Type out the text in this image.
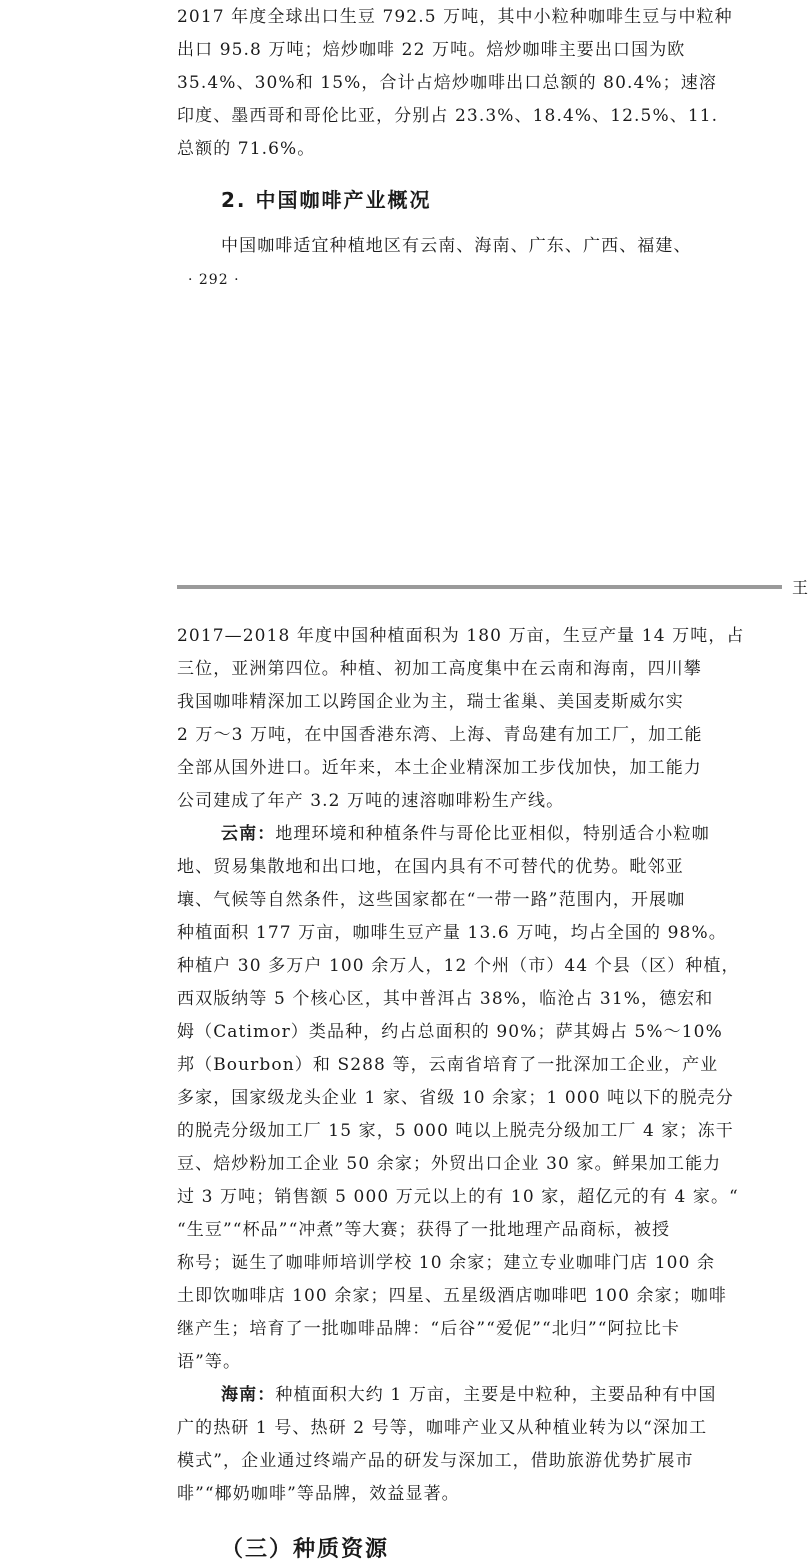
2017 年度全球出口生豆 792.5 万吨，其中小粒种咖啡生豆与中粒种
出口 95.8 万吨；焙炒咖啡 22 万吨。焙炒咖啡主要出口国为欧
35.4%、30%和 15%，合计占焙炒咖啡出口总额的 80.4%；速溶
印度、墨西哥和哥伦比亚，分别占 23.3%、18.4%、12.5%、11.
总额的 71.6%。
2. 中国咖啡产业概况
中国咖啡适宜种植地区有云南、海南、广东、广西、福建、
· 292 ·
王
2017—2018 年度中国种植面积为 180 万亩，生豆产量 14 万吨，占
三位，亚洲第四位。种植、初加工高度集中在云南和海南，四川攀
我国咖啡精深加工以跨国企业为主，瑞士雀巢、美国麦斯威尔实
2 万～3 万吨，在中国香港东湾、上海、青岛建有加工厂，加工能
全部从国外进口。近年来，本土企业精深加工步伐加快，加工能力
公司建成了年产 3.2 万吨的速溶咖啡粉生产线。
云南：地理环境和种植条件与哥伦比亚相似，特别适合小粒咖
地、贸易集散地和出口地，在国内具有不可替代的优势。毗邻亚
壤、气候等自然条件，这些国家都在“一带一路”范围内，开展咖
种植面积 177 万亩，咖啡生豆产量 13.6 万吨，均占全国的 98%。
种植户 30 多万户 100 余万人，12 个州（市）44 个县（区）种植，
西双版纳等 5 个核心区，其中普洱占 38%，临沧占 31%，德宏和
姆（Catimor）类品种，约占总面积的 90%；萨其姆占 5%～10%
邦（Bourbon）和 S288 等，云南省培育了一批深加工企业，产业
多家，国家级龙头企业 1 家、省级 10 余家；1 000 吨以下的脱壳分
的脱壳分级加工厂 15 家，5 000 吨以上脱壳分级加工厂 4 家；冻干
豆、焙炒粉加工企业 50 余家；外贸出口企业 30 家。鲜果加工能力
过 3 万吨；销售额 5 000 万元以上的有 10 家，超亿元的有 4 家。“
“生豆”“杯品”“冲煮”等大赛；获得了一批地理产品商标，被授
称号；诞生了咖啡师培训学校 10 余家；建立专业咖啡门店 100 余
土即饮咖啡店 100 余家；四星、五星级酒店咖啡吧 100 余家；咖啡
继产生；培育了一批咖啡品牌：“后谷”“爱伲”“北归”“阿拉比卡
语”等。
海南：种植面积大约 1 万亩，主要是中粒种，主要品种有中国
广的热研 1 号、热研 2 号等，咖啡产业又从种植业转为以“深加工
模式”，企业通过终端产品的研发与深加工，借助旅游优势扩展市
啡”“椰奶咖啡”等品牌，效益显著。
（三）种质资源
